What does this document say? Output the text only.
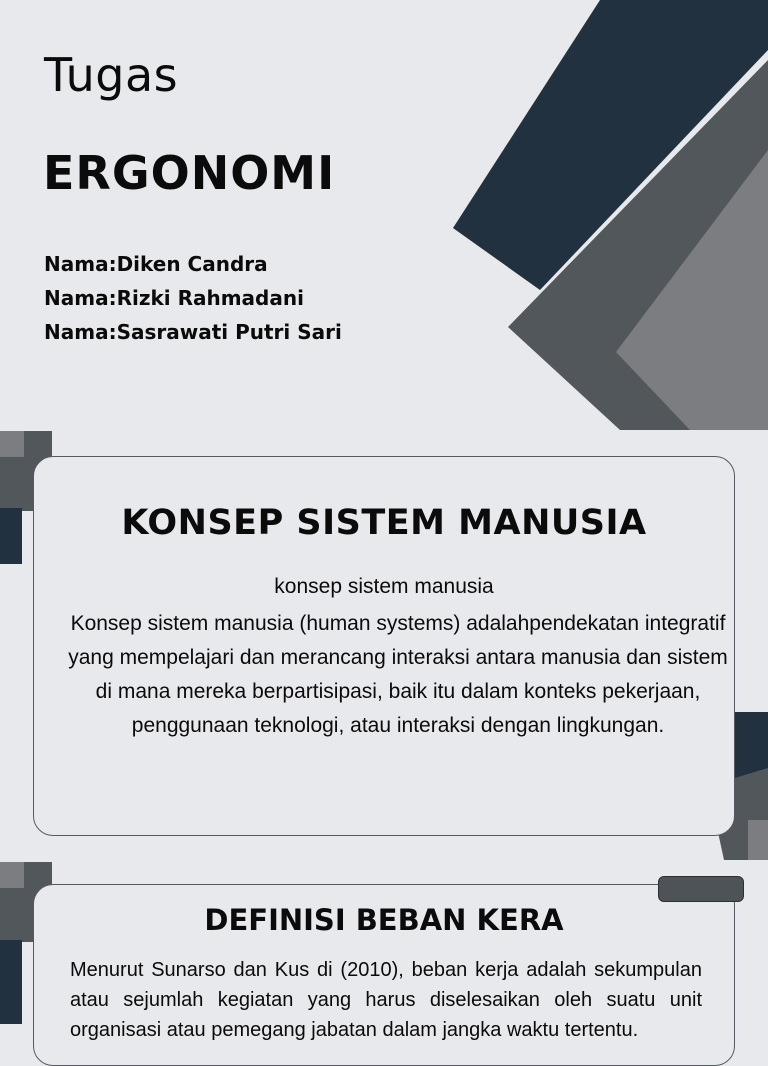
Tugas
ERGONOMI
Nama:Diken Candra
Nama:Rizki Rahmadani
Nama:Sasrawati Putri Sari
KONSEP SISTEM MANUSIA
konsep sistem manusia
Konsep sistem manusia (human systems) adalahpendekatan integratif yang mempelajari dan merancang interaksi antara manusia dan sistem di mana mereka berpartisipasi, baik itu dalam konteks pekerjaan, penggunaan teknologi, atau interaksi dengan lingkungan.
DEFINISI BEBAN KERA
Menurut Sunarso dan Kus di (2010), beban kerja adalah sekumpulan atau sejumlah kegiatan yang harus diselesaikan oleh suatu unit organisasi atau pemegang jabatan dalam jangka waktu tertentu.
